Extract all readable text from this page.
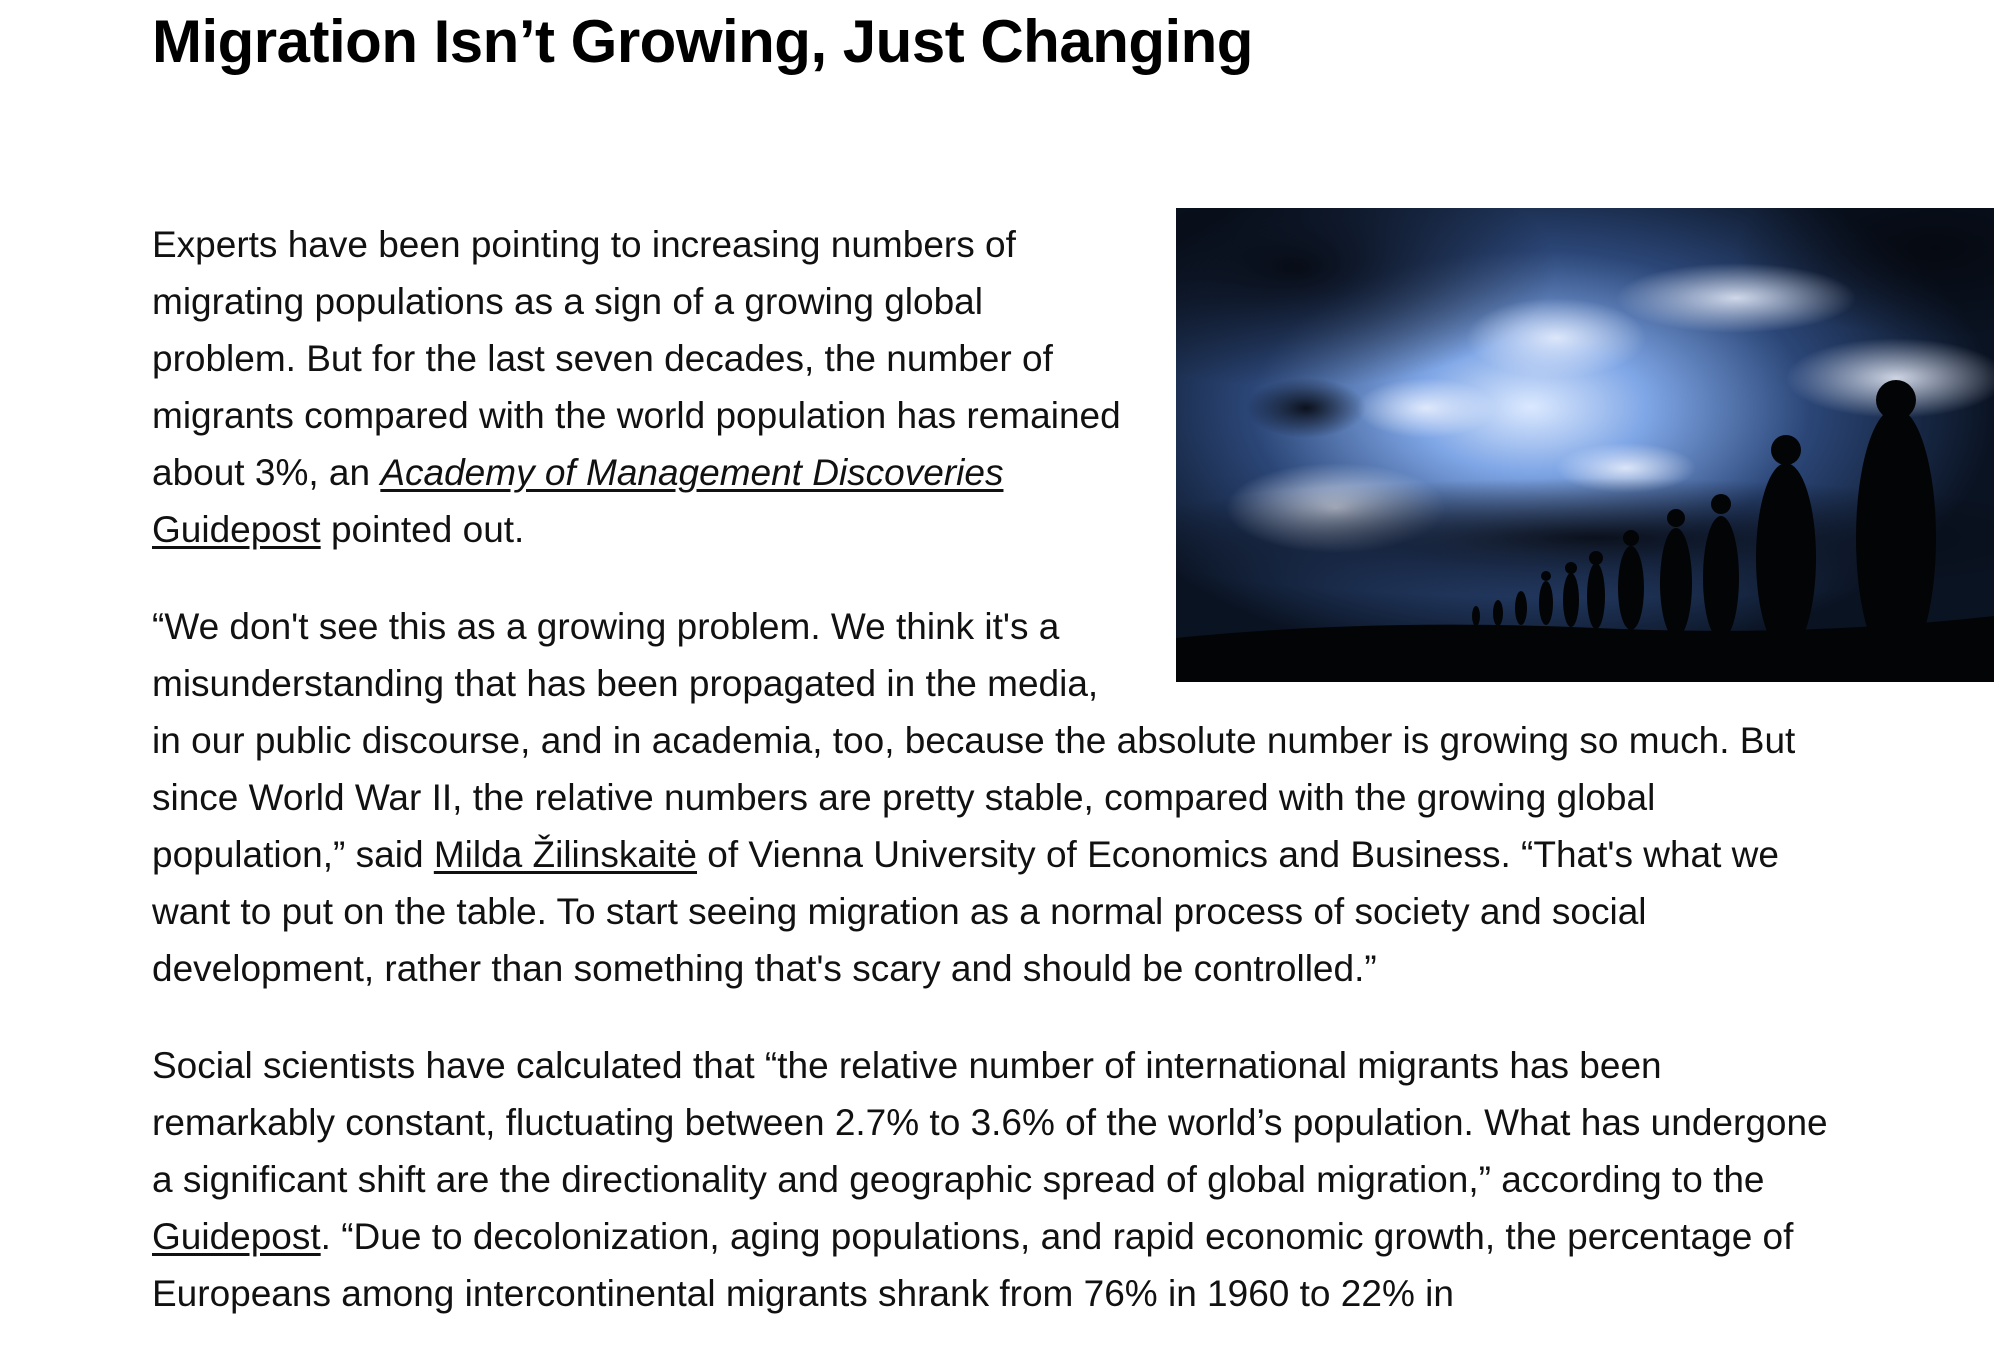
Migration Isn’t Growing, Just Changing

Experts have been pointing to increasing numbers of migrating populations as a sign of a growing global problem. But for the last seven decades, the number of migrants compared with the world population has remained about 3%, an Academy of Management Discoveries Guidepost pointed out.

“We don't see this as a growing problem. We think it's a misunderstanding that has been propagated in the media, in our public discourse, and in academia, too, because the absolute number is growing so much. But since World War II, the relative numbers are pretty stable, compared with the growing global population,” said Milda Žilinskaitė of Vienna University of Economics and Business. “That's what we want to put on the table. To start seeing migration as a normal process of society and social development, rather than something that's scary and should be controlled.”

Social scientists have calculated that “the relative number of international migrants has been remarkably constant, fluctuating between 2.7% to 3.6% of the world’s population. What has undergone a significant shift are the directionality and geographic spread of global migration,” according to the Guidepost. “Due to decolonization, aging populations, and rapid economic growth, the percentage of Europeans among intercontinental migrants shrank from 76% in 1960 to 22% in
